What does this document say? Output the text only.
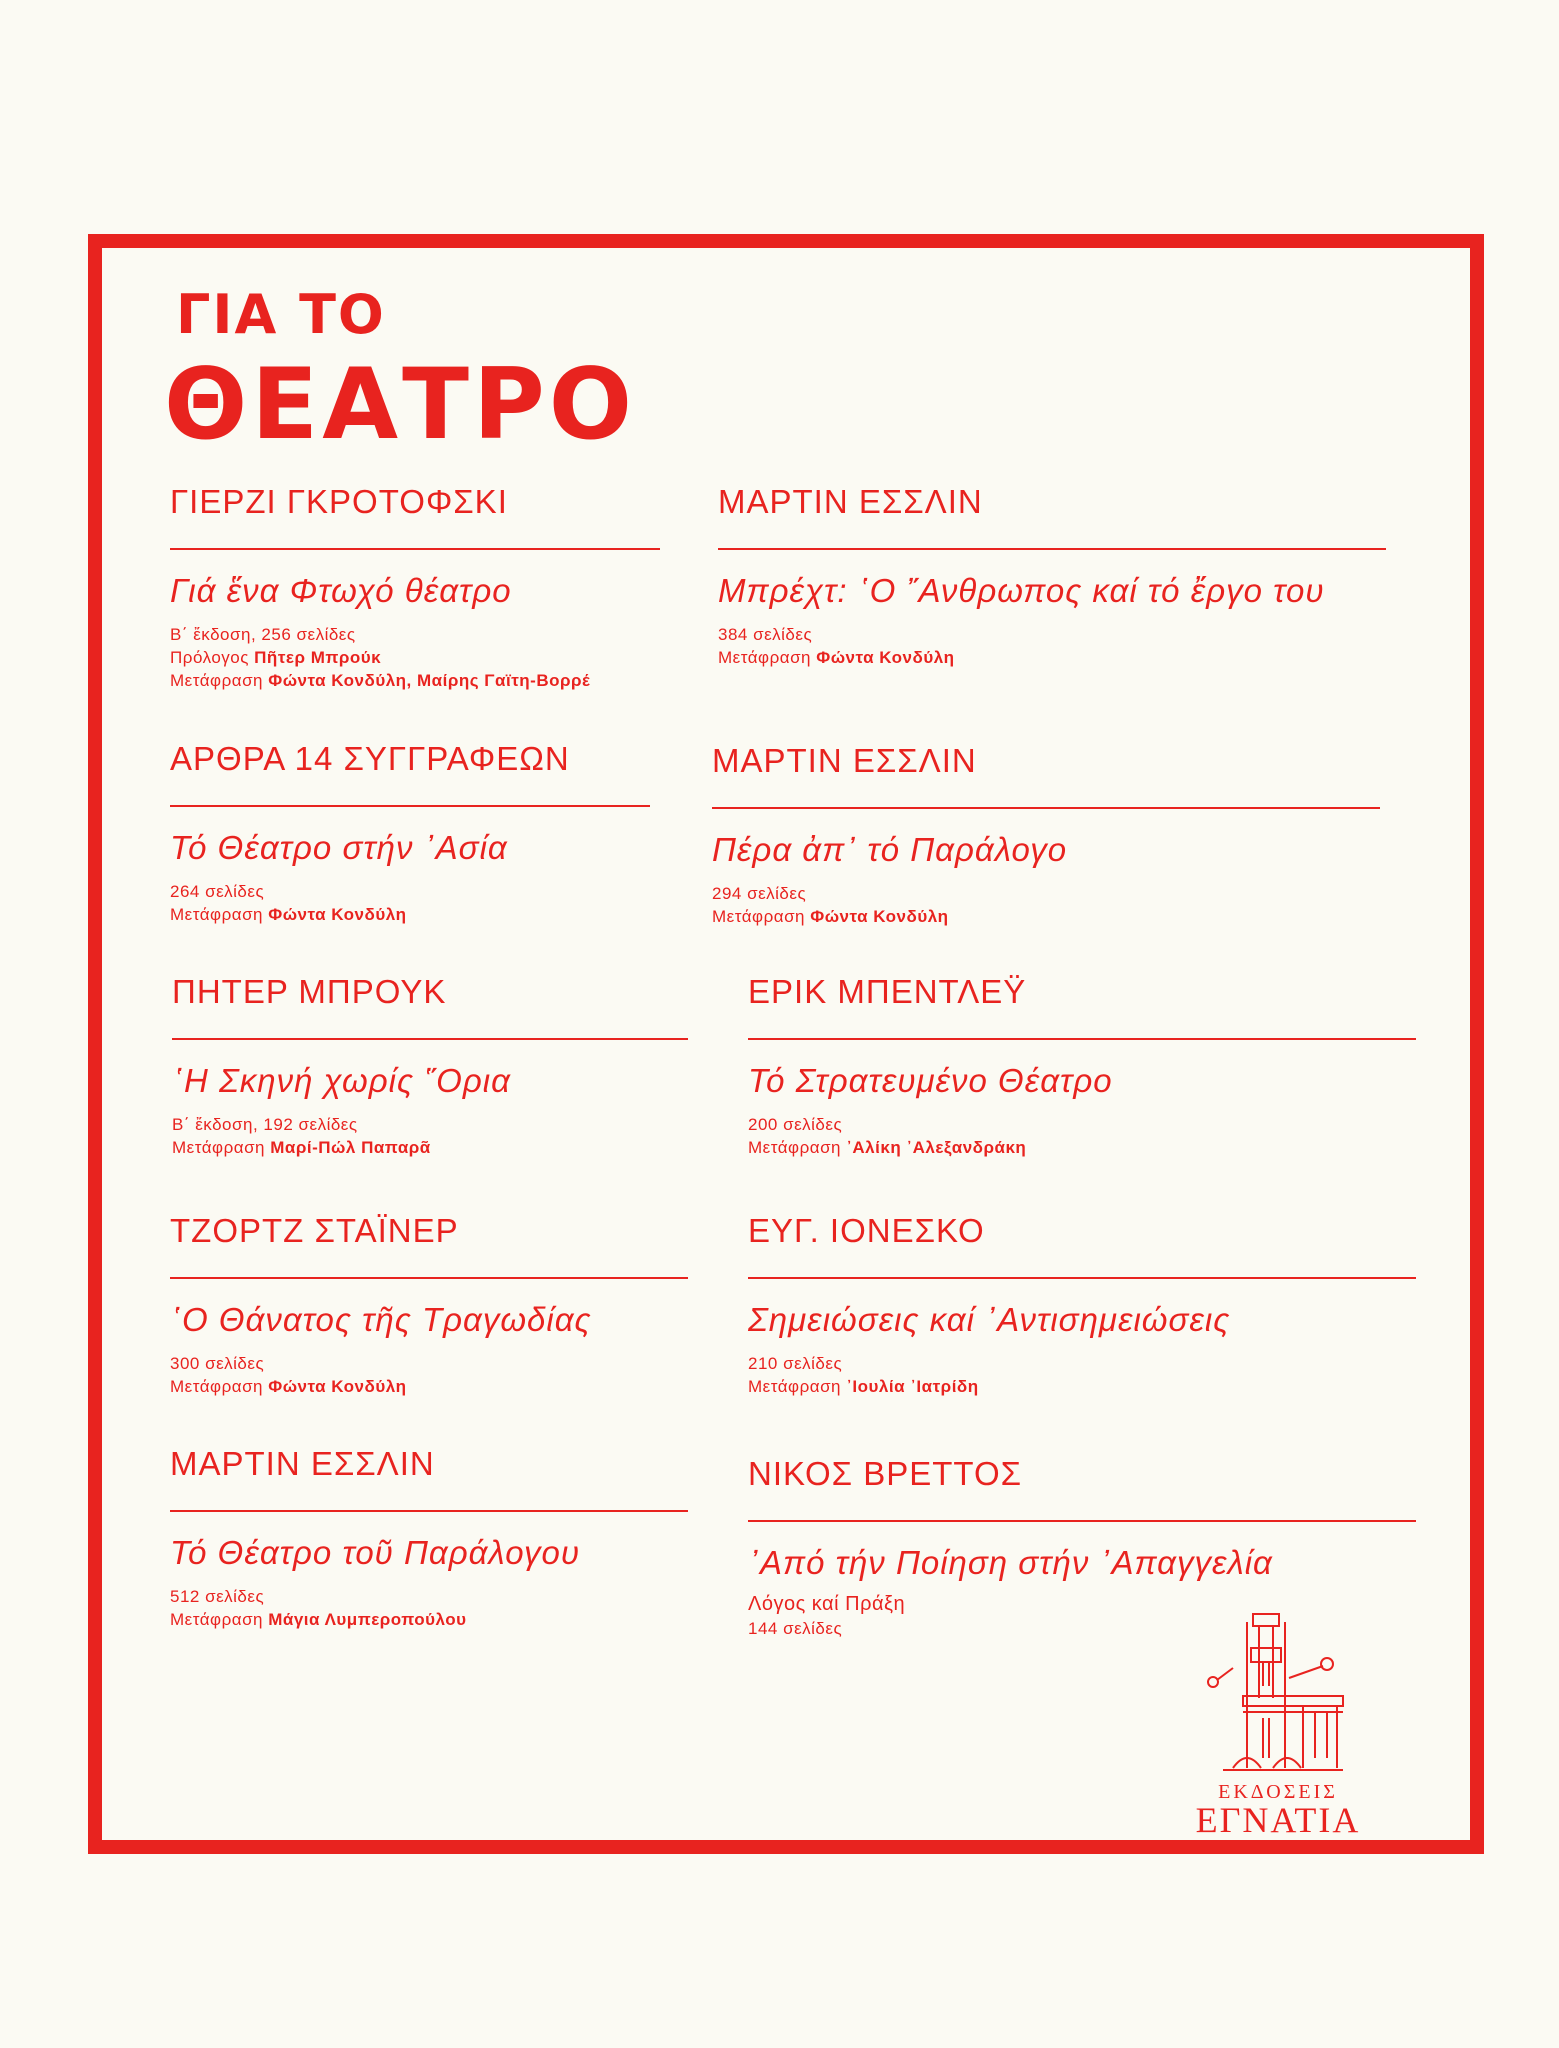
ΓΙΑ ΤΟ
ΘΕΑΤΡΟ
ΓΙΕΡΖΙ ΓΚΡΟΤΟΦΣΚΙ
Γιά ἕνα Φτωχό θέατρο
Β΄ ἔκδοση, 256 σελίδες
Πρόλογος Πῆτερ Μπρούκ
Μετάφραση Φώντα Κονδύλη, Μαίρης Γαϊτη-Βορρέ
ΑΡΘΡΑ 14 ΣΥΓΓΡΑΦΕΩΝ
Τό Θέατρο στήν ᾽Ασία
264 σελίδες
Μετάφραση Φώντα Κονδύλη
ΠΗΤΕΡ ΜΠΡΟΥΚ
῾Η Σκηνή χωρίς ῞Ορια
Β΄ ἔκδοση, 192 σελίδες
Μετάφραση Μαρί-Πώλ Παπαρᾶ
ΤΖΟΡΤΖ ΣΤΑΪΝΕΡ
῾Ο Θάνατος τῆς Τραγωδίας
300 σελίδες
Μετάφραση Φώντα Κονδύλη
ΜΑΡΤΙΝ ΕΣΣΛΙΝ
Τό Θέατρο τοῦ Παράλογου
512 σελίδες
Μετάφραση Μάγια Λυμπεροπούλου
ΜΑΡΤΙΝ ΕΣΣΛΙΝ
Μπρέχτ: ῾Ο ῎Ανθρωπος καί τό ἔργο του
384 σελίδες
Μετάφραση Φώντα Κονδύλη
ΜΑΡΤΙΝ ΕΣΣΛΙΝ
Πέρα ἀπ᾽ τό Παράλογο
294 σελίδες
Μετάφραση Φώντα Κονδύλη
ΕΡΙΚ ΜΠΕΝΤΛΕΫ
Τό Στρατευμένο Θέατρο
200 σελίδες
Μετάφραση ᾽Αλίκη ᾽Αλεξανδράκη
ΕΥΓ. ΙΟΝΕΣΚΟ
Σημειώσεις καί ᾽Αντισημειώσεις
210 σελίδες
Μετάφραση ᾽Ιουλία ᾽Ιατρίδη
ΝΙΚΟΣ ΒΡΕΤΤΟΣ
᾽Από τήν Ποίηση στήν ᾽Απαγγελία
Λόγος καί Πράξη
144 σελίδες
ΕΚΔΟΣΕΙΣ
ΕΓΝΑΤΙΑ
